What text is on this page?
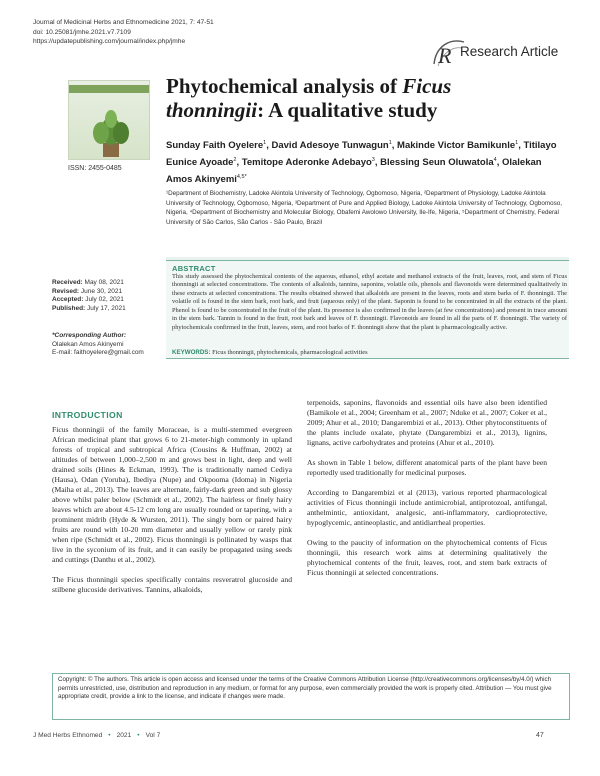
Journal of Medicinal Herbs and Ethnomedicine 2021, 7: 47-51
doi: 10.25081/jmhe.2021.v7.7109
https://updatepublishing.com/journal/index.php/jmhe
R Research Article
ISSN: 2455-0485
Phytochemical analysis of Ficus thonningii: A qualitative study
Sunday Faith Oyelere$^1$, David Adesoye Tunwagun$^1$, Makinde Victor Bamikunle$^1$, Titilayo Eunice Ayoade$^2$, Temitope Aderonke Adebayo$^3$, Blessing Seun Oluwatola$^4$, Olalekan Amos Akinyemi$^{4,5*}$
¹Department of Biochemistry, Ladoke Akintola University of Technology, Ogbomoso, Nigeria, ²Department of Physiology, Ladoke Akintola University of Technology, Ogbomoso, Nigeria, ³Department of Pure and Applied Biology, Ladoke Akintola University of Technology, Ogbomoso, Nigeria, ⁴Department of Biochemistry and Molecular Biology, Obafemi Awolowo University, Ile-Ife, Nigeria, ⁵Department of Chemistry, Federal University of São Carlos, São Carlos - São Paulo, Brazil
Received: May 08, 2021
Revised: June 30, 2021
Accepted: July 02, 2021
Published: July 17, 2021
*Corresponding Author:
Olalekan Amos Akinyemi
E-mail: faithoyelere@gmail.com
ABSTRACT
This study assessed the phytochemical contents of the aqueous, ethanol, ethyl acetate and methanol extracts of the fruit, leaves, root, and stem of Ficus thonningii at selected concentrations. The contents of alkaloids, tannins, saponins, volatile oils, phenols and flavonoids were determined qualitatively in these extracts at selected concentrations. The results obtained showed that alkaloids are present in the leaves, roots and stem barks of F. thonningii. The volatile oil is found in the stem bark, root bark, and fruit (aqueous only) of the plant. Saponin is found to be concentrated in all the extracts of the plant. Phenol is found to be concentrated in the fruit of the plant. Its presence is also confirmed in the leaves (at few concentrations) and present in trace amount in the stem bark. Tannin is found in the fruit, root bark and leaves of F. thonningii. Flavonoids are found in all the parts of F. thonningii. The variety of phytochemicals confirmed in the fruit, leaves, stem, and root barks of F. thonningii show that the plant is pharmacologically active.
KEYWORDS: Ficus thonningii, phytochemicals, pharmacological activities
INTRODUCTION

Ficus thonningii of the family Moraceae, is a multi-stemmed evergreen African medicinal plant that grows 6 to 21-meter-high commonly in upland forests of tropical and subtropical Africa (Cousins & Huffman, 2002) at altitudes of between 1,000–2,500 m and grows best in light, deep and well drained soils (Hines & Eckman, 1993). The is traditionally named Cediya (Hausa), Odan (Yoruba), Ibediya (Nupe) and Okpooma (Idoma) in Nigeria (Maiha et al., 2013). The leaves are alternate, fairly-dark green and sub glossy above whilst paler below (Schmidt et al., 2002). The hairless or finely hairy leaves which are about 4.5-12 cm long are usually rounded or tapering, with a prominent midrib (Hyde & Wursten, 2011). The singly born or paired hairy fruits are round with 10-20 mm diameter and usually yellow or rarely pink when ripe (Schmidt et al., 2002). Ficus thonningii is pollinated by wasps that live in the syconium of its fruit, and it can easily be propagated using seeds and cuttings (Danthu et al., 2002).

The Ficus thonningii species specifically contains resveratrol glucoside and stilbene glucoside derivatives. Tannins, alkaloids,

terpenoids, saponins, flavonoids and essential oils have also been identified (Bamikole et al., 2004; Greenham et al., 2007; Nduke et al., 2007; Coker et al., 2009; Ahur et al., 2010; Dangarembizi et al., 2013). Other phytoconstituents of the plants include oxalate, phytate (Dangarembizi et al., 2013), lignins, lignans, active carbohydrates and proteins (Ahur et al., 2010).

As shown in Table 1 below, different anatomical parts of the plant have been reportedly used traditionally for medicinal purposes.

According to Dangarembizi et al (2013), various reported pharmacological activities of Ficus thonningii include antimicrobial, antiprotozoal, antifungal, anthelmintic, antioxidant, analgesic, anti-inflammatory, cardioprotective, hypoglycemic, antineoplastic, and antidiarrheal properties.

Owing to the paucity of information on the phytochemical contents of Ficus thonningii, this research work aims at determining qualitatively the phytochemical contents of the fruit, leaves, root, and stem bark extracts of Ficus thonningii at selected concentrations.

Copyright: © The authors. This article is open access and licensed under the terms of the Creative Commons Attribution License (http://creativecommons.org/licenses/by/4.0/) which permits unrestricted, use, distribution and reproduction in any medium, or format for any purpose, even commercially provided the work is properly cited. Attribution — You must give appropriate credit, provide a link to the license, and indicate if changes were made.
J Med Herbs Ethnomed • 2021 • Vol 7	47
